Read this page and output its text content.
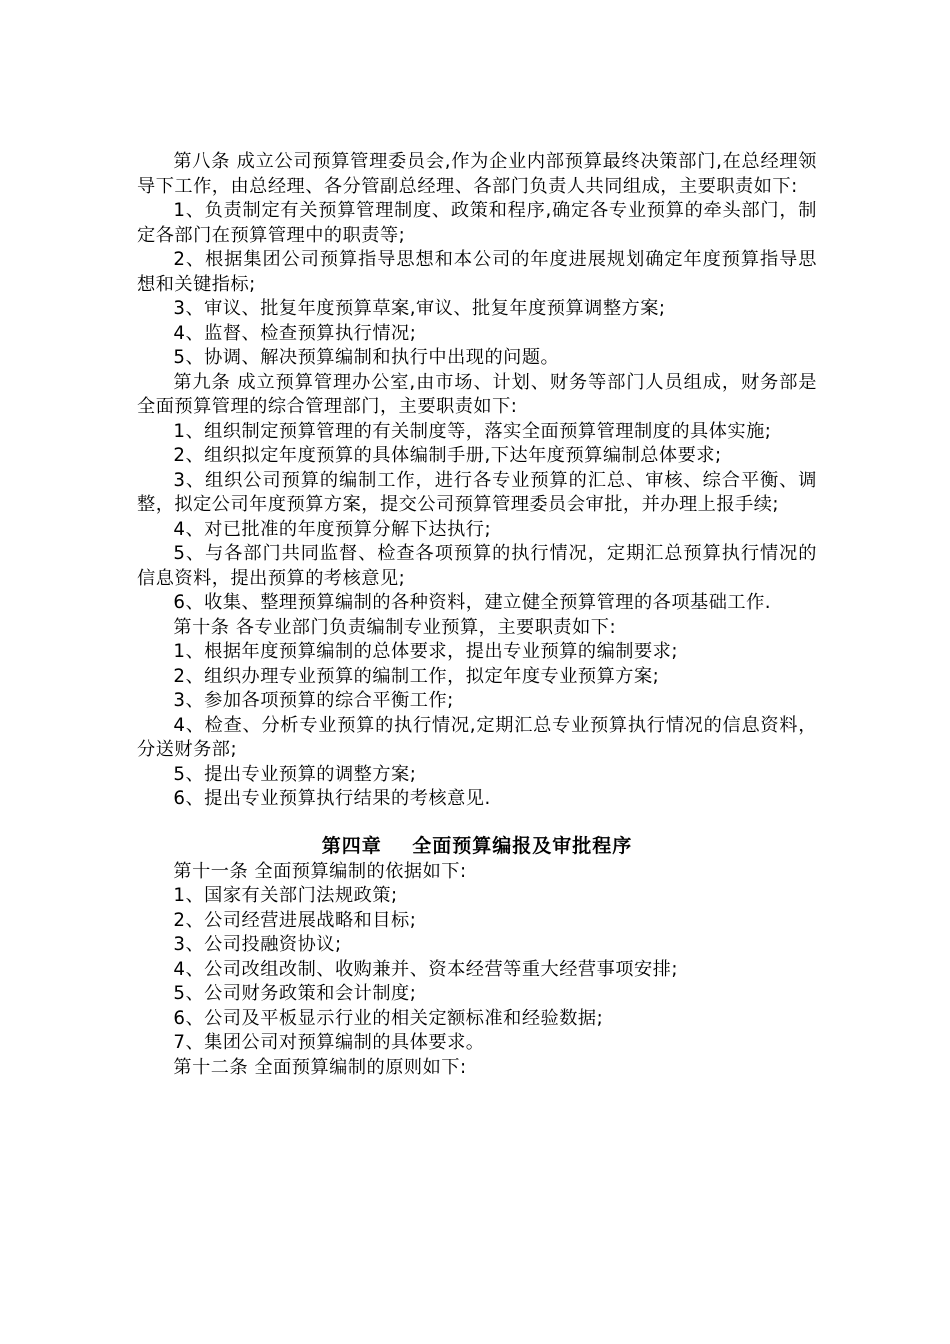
第八条 成立公司预算管理委员会,作为企业内部预算最终决策部门,在总经理领导下工作，由总经理、各分管副总经理、各部门负责人共同组成，主要职责如下:

1、负责制定有关预算管理制度、政策和程序,确定各专业预算的牵头部门，制定各部门在预算管理中的职责等;

2、根据集团公司预算指导思想和本公司的年度进展规划确定年度预算指导思想和关键指标;

3、审议、批复年度预算草案,审议、批复年度预算调整方案;

4、监督、检查预算执行情况;

5、协调、解决预算编制和执行中出现的问题。

第九条 成立预算管理办公室,由市场、计划、财务等部门人员组成，财务部是全面预算管理的综合管理部门，主要职责如下:

1、组织制定预算管理的有关制度等，落实全面预算管理制度的具体实施;

2、组织拟定年度预算的具体编制手册,下达年度预算编制总体要求;

3、组织公司预算的编制工作，进行各专业预算的汇总、审核、综合平衡、调整，拟定公司年度预算方案，提交公司预算管理委员会审批，并办理上报手续;

4、对已批准的年度预算分解下达执行;

5、与各部门共同监督、检查各项预算的执行情况，定期汇总预算执行情况的信息资料，提出预算的考核意见;

6、收集、整理预算编制的各种资料，建立健全预算管理的各项基础工作.

第十条 各专业部门负责编制专业预算，主要职责如下:

1、根据年度预算编制的总体要求，提出专业预算的编制要求;

2、组织办理专业预算的编制工作，拟定年度专业预算方案;

3、参加各项预算的综合平衡工作;

4、检查、分析专业预算的执行情况,定期汇总专业预算执行情况的信息资料，分送财务部;

5、提出专业预算的调整方案;

6、提出专业预算执行结果的考核意见.

第四章    全面预算编报及审批程序

第十一条 全面预算编制的依据如下:

1、国家有关部门法规政策;

2、公司经营进展战略和目标;

3、公司投融资协议;

4、公司改组改制、收购兼并、资本经营等重大经营事项安排;

5、公司财务政策和会计制度;

6、公司及平板显示行业的相关定额标准和经验数据;

7、集团公司对预算编制的具体要求。

第十二条 全面预算编制的原则如下:
